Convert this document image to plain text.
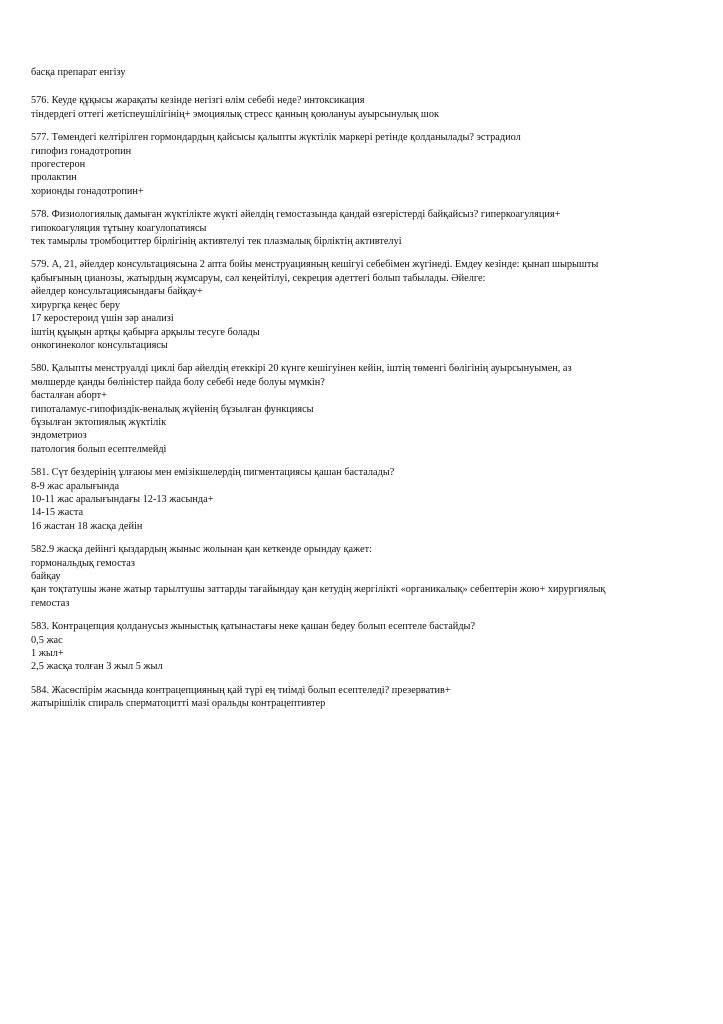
басқа препарат енгізу
576. Кеуде құқысы жарақаты кезінде негізгі өлім себебі неде? интоксикация
тіндердегі оттегі жетіспеушілігінің+ эмоциялық стресс қанның қоюлануы ауырсынулық шок
577. Төмендегі келтірілген гормондардың қайсысы қалыпты жүктілік маркері ретінде қолданылады? эстрадиол
гипофиз гонадотропин
прогестерон
пролактин
хорионды гонадотропин+
578. Физиологиялық дамыған жүктілікте жүкті әйелдің гемостазында қандай өзгерістерді байқайсыз? гиперкоагуляция+
гипокоагуляция тұтыну коагулопатиясы
тек тамырлы тромбоциттер бірлігінің активтелуі тек плазмалық бірліктің активтелуі
579. А, 21, әйелдер консультациясына 2 апта бойы менструацияның кешігуі себебімен жүгінеді. Емдеу кезінде: қынап шырышты
қабығының цианозы, жатырдың жұмсаруы, сәл кеңейтілуі, секреция әдеттегі болып табылады. Әйелге:
әйелдер консультациясындағы байқау+
хирургқа кеңес беру
17 кеpостероид үшін зәр анализі
іштің құықын артқы қабырға арқылы тесуге болады
онкогинеколог консультациясы
580. Қалыпты менструалді циклі бар әйелдің етеккірі 20 күнге кешігуінен кейін, іштің төменгі бөлігінің ауырсынуымен, аз
мөлшерде қанды бөліністер пайда болу себебі неде болуы мүмкін?
басталған аборт+
гипоталамус-гипофиздік-веналық жүйенің бұзылған функциясы
бұзылған эктопиялық жүктілік
эндометриоз
патология болып есептелмейді
581. Сүт бездерінің ұлғаюы мен емізікшелердің пигментациясы қашан басталады?
8-9 жас аралығында
10-11 жас аралығындағы 12-13 жасында+
14-15 жаста
16 жастан 18 жасқа дейін
582.9 жасқа дейінгі қыздардың жыныс жолынан қан кеткенде орындау қажет:
гормональдық гемостаз
байқау
қан тоқтатушы және жатыр тарылтушы заттарды тағайындау қан кетудің жергілікті «органикалық» себептерін жою+ хирургиялық
гемостаз
583. Контрацепция қолданусыз жыныстық қатынастағы неке қашан бедеу болып есептеле бастайды?
0,5 жас
1 жыл+
2,5 жасқа толған 3 жыл 5 жыл
584. Жасөспірім жасында контрацепцияның қай түрі ең тиімді болып есептеледі? презерватив+
жатырішілік спираль сперматоцитті мазі оральды контрацептивтер
